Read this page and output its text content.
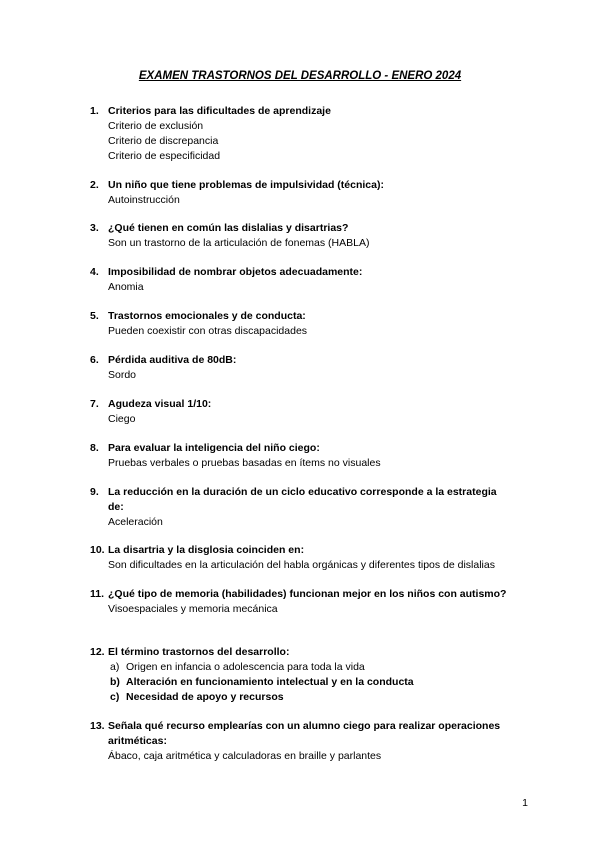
EXAMEN TRASTORNOS DEL DESARROLLO - ENERO 2024
1. Criterios para las dificultades de aprendizaje
Criterio de exclusión
Criterio de discrepancia
Criterio de especificidad
2. Un niño que tiene problemas de impulsividad (técnica):
Autoinstrucción
3. ¿Qué tienen en común las dislalias y disartrias?
Son un trastorno de la articulación de fonemas (HABLA)
4. Imposibilidad de nombrar objetos adecuadamente:
Anomia
5. Trastornos emocionales y de conducta:
Pueden coexistir con otras discapacidades
6. Pérdida auditiva de 80dB:
Sordo
7. Agudeza visual 1/10:
Ciego
8. Para evaluar la inteligencia del niño ciego:
Pruebas verbales o pruebas basadas en ítems no visuales
9. La reducción en la duración de un ciclo educativo corresponde a la estrategia de:
Aceleración
10. La disartria y la disglosia coinciden en:
Son dificultades en la articulación del habla orgánicas y diferentes tipos de dislalias
11. ¿Qué tipo de memoria (habilidades) funcionan mejor en los niños con autismo?
Visoespaciales y memoria mecánica
12. El término trastornos del desarrollo:
a) Origen en infancia o adolescencia para toda la vida
b) Alteración en funcionamiento intelectual y en la conducta
c) Necesidad de apoyo y recursos
13. Señala qué recurso emplearías con un alumno ciego para realizar operaciones aritméticas:
Ábaco, caja aritmética y calculadoras en braille y parlantes
1
